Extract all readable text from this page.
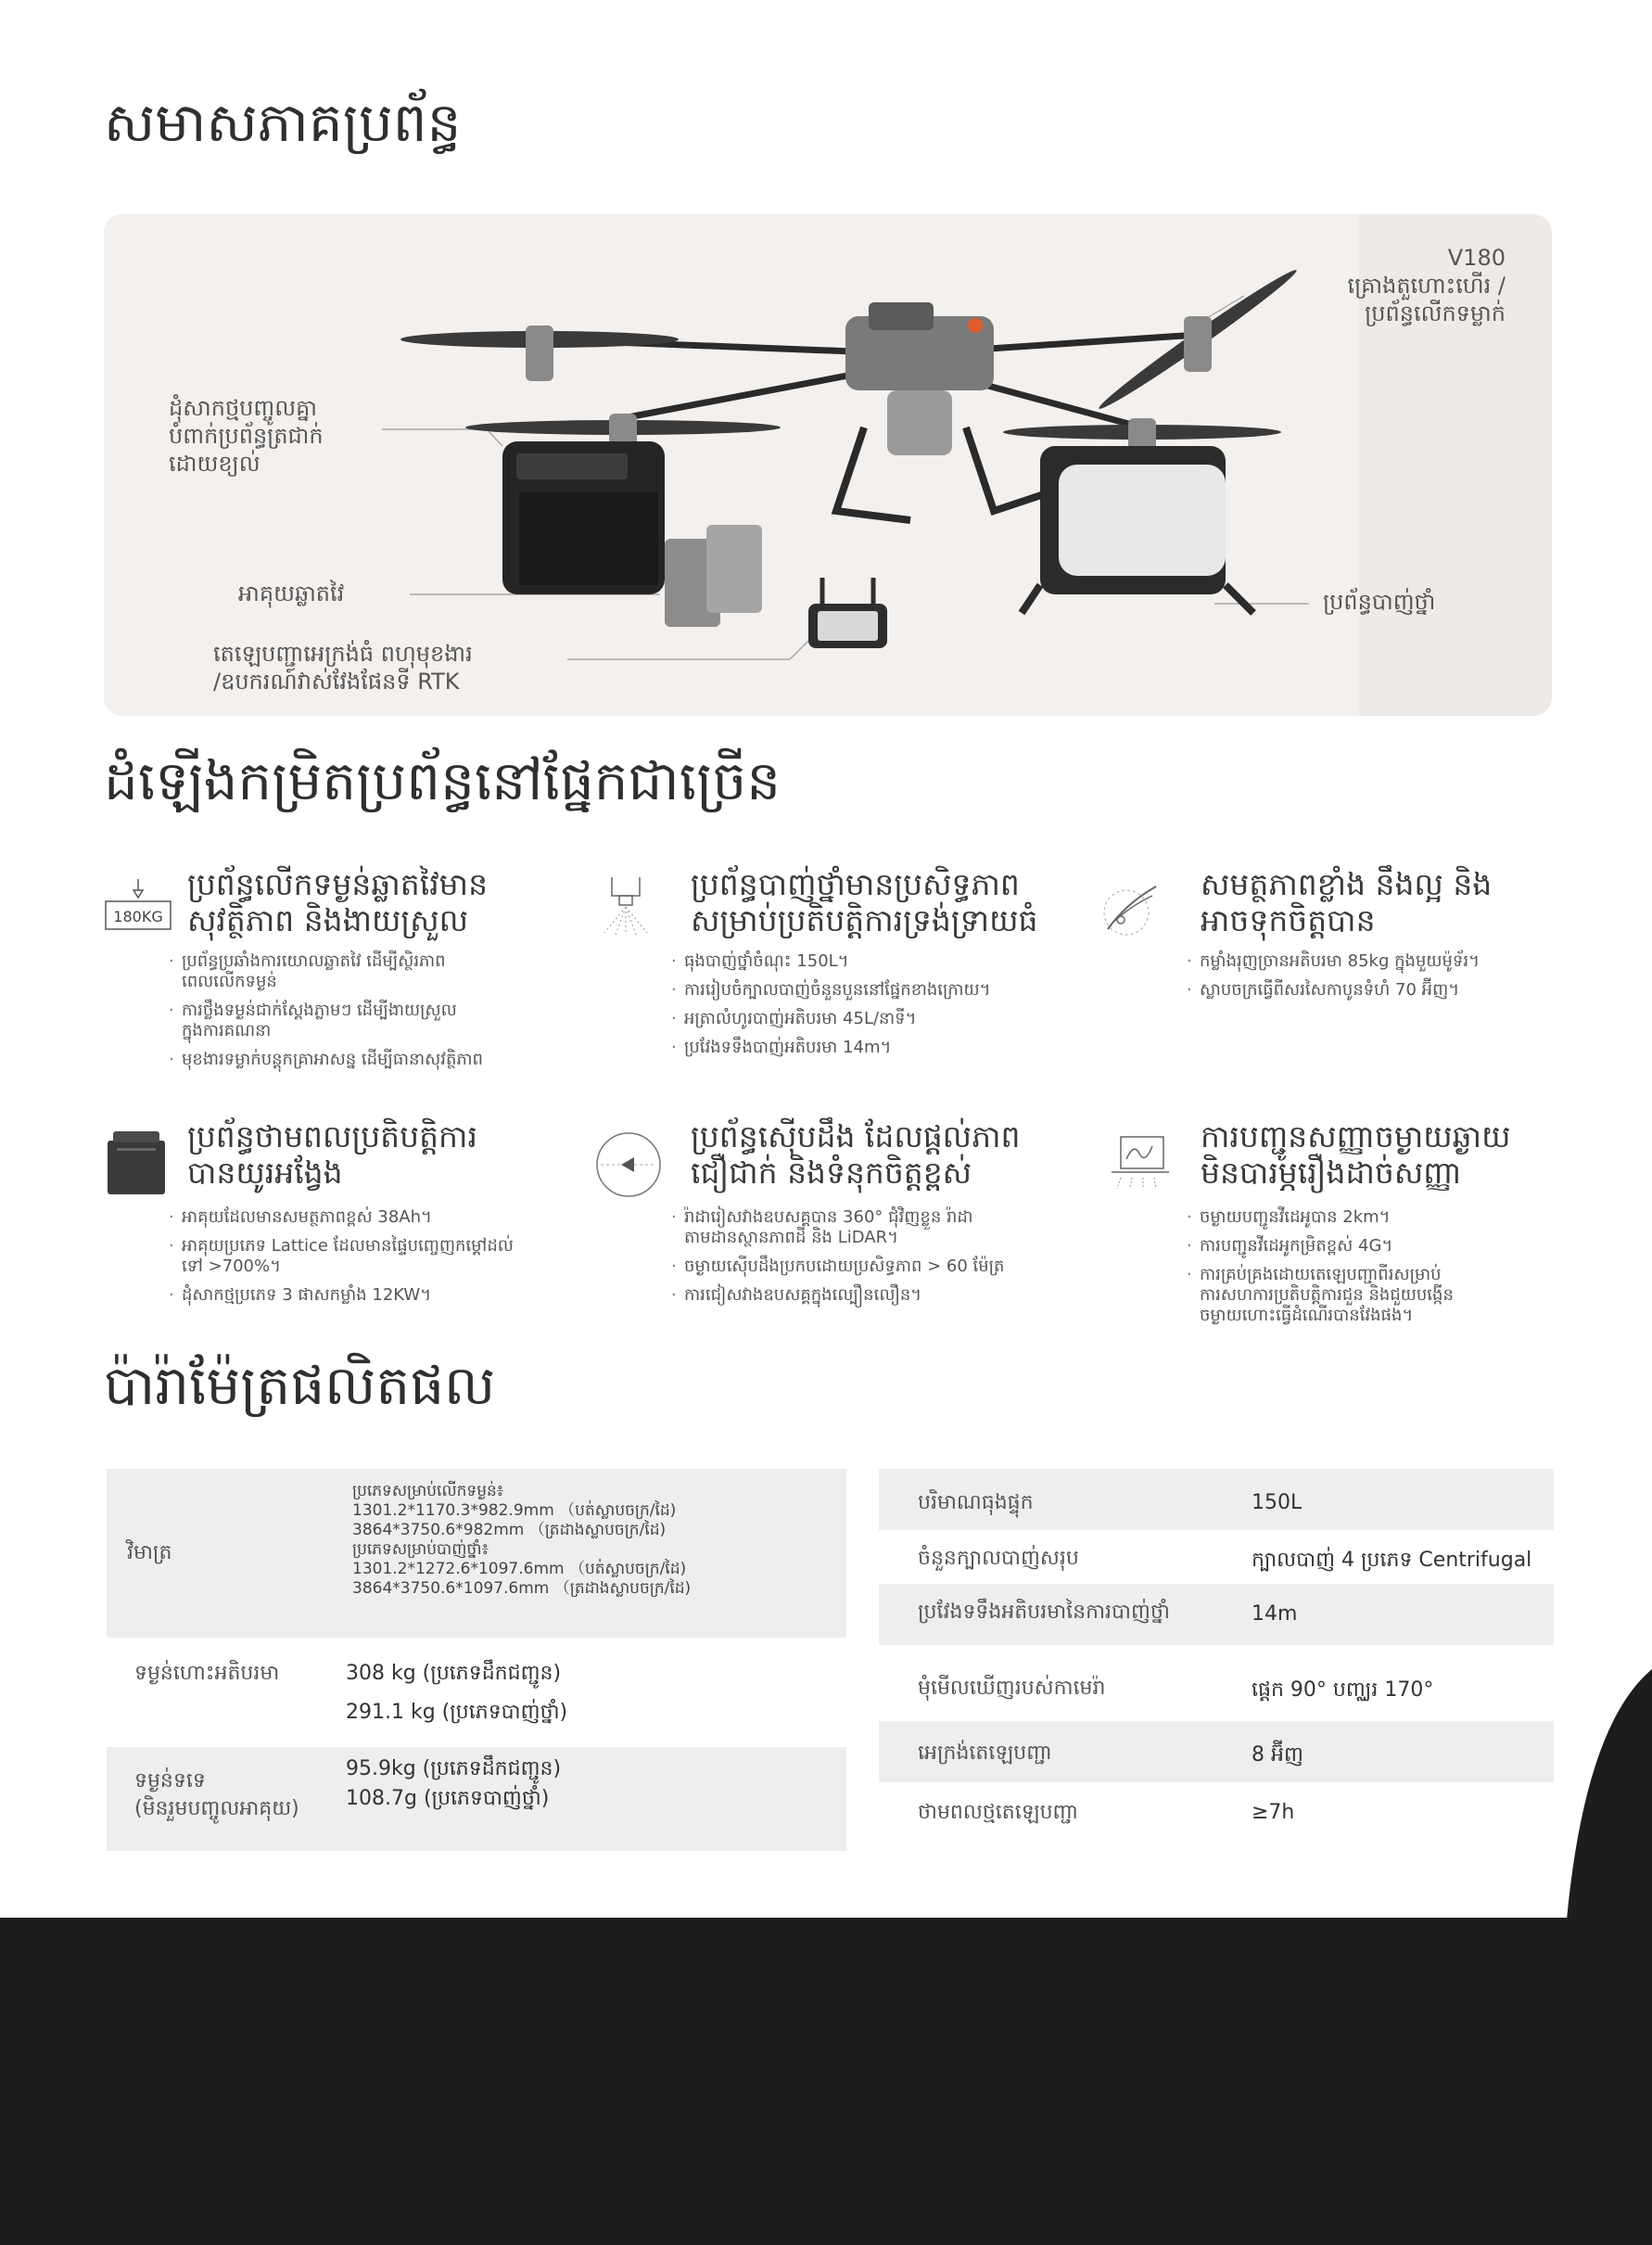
សមាសភាគប្រព័ន្ធ
V180
គ្រោងតួហោះហើរ /
ប្រព័ន្ធលើកទម្លាក់
ដុំសាកថ្មបញ្ចូលគ្នា
បំពាក់ប្រព័ន្ធត្រជាក់
ដោយខ្យល់
អាគុយឆ្លាតវៃ
តេឡេបញ្ជាអេក្រង់ធំ ពហុមុខងារ
/ឧបករណ៍វាស់វែងផែនទី RTK
ប្រព័ន្ធបាញ់ថ្នាំ
ដំឡើងកម្រិតប្រព័ន្ធនៅផ្នែកជាច្រើន
180KG
ប្រព័ន្ធលើកទម្ងន់ឆ្លាតវៃមាន
សុវត្ថិភាព និងងាយស្រួល
· ប្រព័ន្ធប្រឆាំងការយោលឆ្លាតវៃ ដើម្បីស្ថិរភាព
ពេលលើកទម្ងន់
· ការថ្លឹងទម្ងន់ជាក់ស្តែងភ្លាមៗ ដើម្បីងាយស្រួល
ក្នុងការគណនា
· មុខងារទម្លាក់បន្តុកគ្រាអាសន្ន ដើម្បីធានាសុវត្ថិភាព
ប្រព័ន្ធបាញ់ថ្នាំមានប្រសិទ្ធភាព
សម្រាប់ប្រតិបត្តិការទ្រង់ទ្រាយធំ
· ធុងបាញ់ថ្នាំចំណុះ 150L។
· ការរៀបចំក្បាលបាញ់ចំនួនបួននៅផ្នែកខាងក្រោយ។
· អត្រាលំហូរបាញ់អតិបរមា 45L/នាទី។
· ប្រវែងទទឹងបាញ់អតិបរមា 14m។
សមត្ថភាពខ្លាំង នឹងល្អ និង
អាចទុកចិត្តបាន
· កម្លាំងរុញច្រានអតិបរមា 85kg ក្នុងមួយម៉ូទ័រ។
· ស្លាបចក្រធ្វើពីសរសៃកាបូនទំហំ 70 អ៊ីញ។
ប្រព័ន្ធថាមពលប្រតិបត្តិការ
បានយូរអង្វែង
· អាគុយដែលមានសមត្ថភាពខ្ពស់ 38Ah។
· អាគុយប្រភេទ Lattice ដែលមានផ្ទៃបញ្ចេញកម្ដៅដល់
ទៅ >700%។
· ដុំសាកថ្មប្រភេទ 3 ផាសកម្លាំង 12KW។
ប្រព័ន្ធស៊ើបដឹង ដែលផ្ដល់ភាព
ជឿជាក់ និងទំនុកចិត្តខ្ពស់
· រ៉ាដារៀសវាងឧបសគ្គបាន 360° ជុំវិញខ្លួន រ៉ាដា
តាមដានស្ថានភាពដី និង LiDAR។
· ចម្ងាយស៊ើបដឹងប្រកបដោយប្រសិទ្ធភាព > 60 ម៉ែត្រ
· ការជៀសវាងឧបសគ្គក្នុងល្បឿនលឿន។
ការបញ្ជូនសញ្ញាចម្ងាយឆ្ងាយ
មិនបារម្ភរឿងដាច់សញ្ញា
· ចម្ងាយបញ្ជូនវីដេអូបាន 2km។
· ការបញ្ជូនវីដេអូកម្រិតខ្ពស់ 4G។
· ការគ្រប់គ្រងដោយតេឡេបញ្ជាពីរសម្រាប់
ការសហការប្រតិបត្តិការជួន និងជួយបង្កើន
ចម្ងាយហោះធ្វើដំណើរបានវែងផង។
ប៉ារ៉ាម៉ែត្រផលិតផល
វិមាត្រ
ប្រភេទសម្រាប់លើកទម្ងន់៖
1301.2*1170.3*982.9mm （បត់ស្លាបចក្រ/ដៃ)
3864*3750.6*982mm （ត្រដាងស្លាបចក្រ/ដៃ)
ប្រភេទសម្រាប់បាញ់ថ្នាំ៖
1301.2*1272.6*1097.6mm （បត់ស្លាបចក្រ/ដៃ)
3864*3750.6*1097.6mm （ត្រដាងស្លាបចក្រ/ដៃ)
ទម្ងន់ហោះអតិបរមា	308 kg (ប្រភេទដឹកជញ្ជូន)
291.1 kg (ប្រភេទបាញ់ថ្នាំ)
ទម្ងន់ទទេ
(មិនរួមបញ្ចូលអាគុយ)
95.9kg (ប្រភេទដឹកជញ្ជូន)
108.7g (ប្រភេទបាញ់ថ្នាំ)
បរិមាណធុងផ្ទុក	150L
ចំនួនក្បាលបាញ់សរុប	ក្បាលបាញ់ 4 ប្រភេទ Centrifugal
ប្រវែងទទឹងអតិបរមានៃការបាញ់ថ្នាំ	14m
មុំមើលឃើញរបស់កាមេរ៉ា	ផ្ដេក 90° បញ្ឈរ 170°
អេក្រង់តេឡេបញ្ជា	8 អ៊ីញ
ថាមពលថ្មតេឡេបញ្ជា	≥7h
